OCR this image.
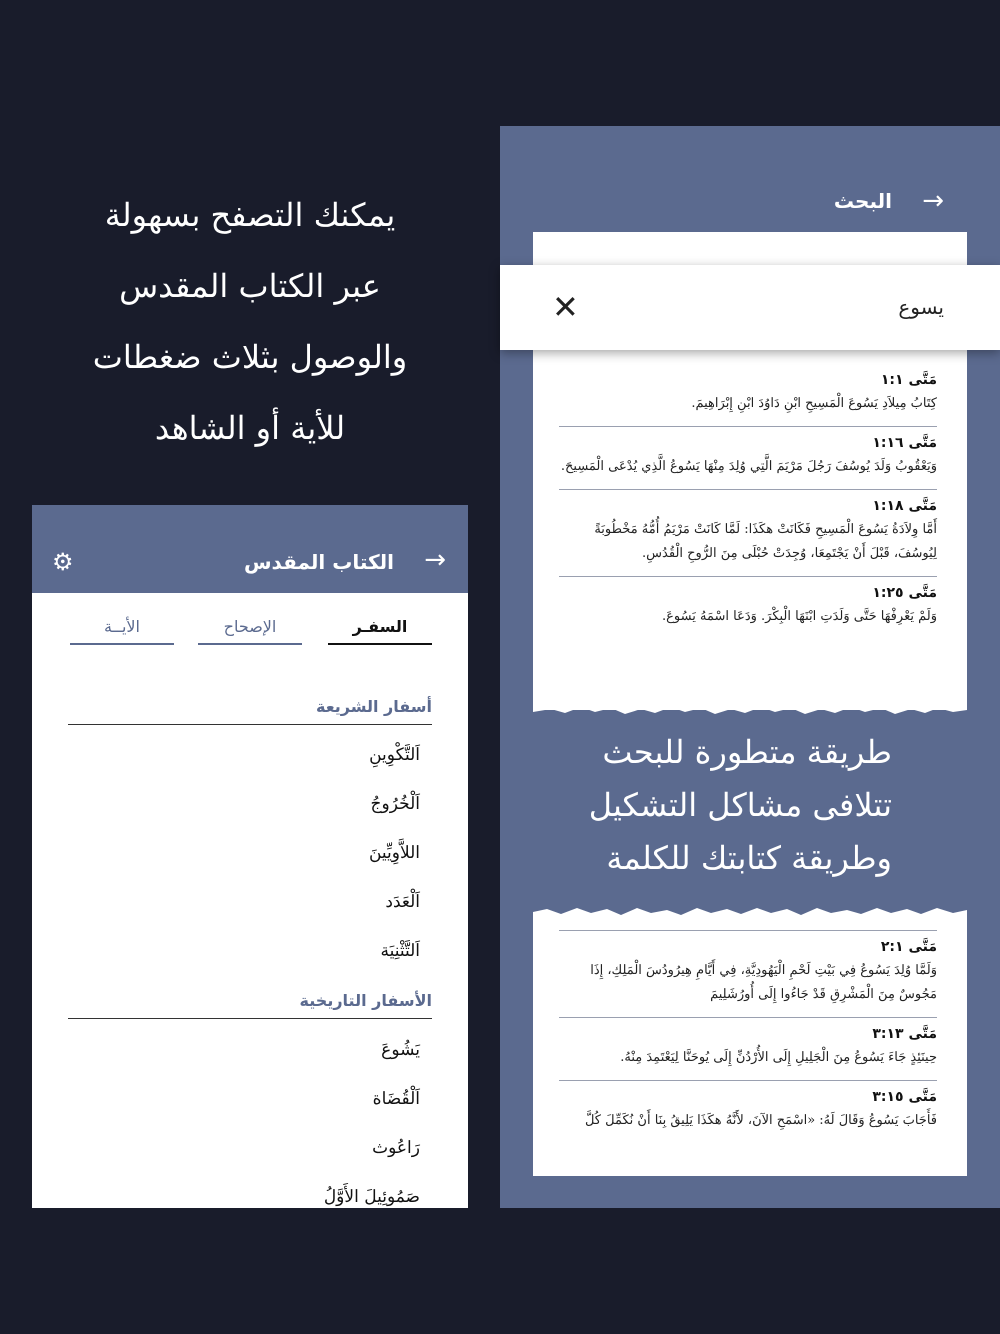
يمكنك التصفح بسهولة
عبر الكتاب المقدس
والوصول بثلاث ضغطات
للأية أو الشاهد
→
البحث
مَتَّى ١:١
كِتَابُ مِيلاَدِ يَسُوعَ الْمَسِيحِ ابْنِ دَاوُدَ ابْنِ إِبْرَاهِيمَ.
مَتَّى ١:١٦
وَيَعْقُوبُ وَلَدَ يُوسُفَ رَجُلَ مَرْيَمَ الَّتِي وُلِدَ مِنْهَا يَسُوعُ الَّذِي يُدْعَى الْمَسِيحَ.
مَتَّى ١:١٨
أَمَّا وِلاَدَةُ يَسُوعَ الْمَسِيحِ فَكَانَتْ هكَذَا: لَمَّا كَانَتْ مَرْيَمُ أُمُّهُ مَخْطُوبَةً لِيُوسُفَ، قَبْلَ أَنْ يَجْتَمِعَا، وُجِدَتْ حُبْلَى مِنَ الرُّوحِ الْقُدُسِ.
مَتَّى ١:٢٥
وَلَمْ يَعْرِفْهَا حَتَّى وَلَدَتِ ابْنَهَا الْبِكْرَ. وَدَعَا اسْمَهُ يَسُوعَ.
مَتَّى ٢:١
وَلَمَّا وُلِدَ يَسُوعُ فِي بَيْتِ لَحْمِ الْيَهُودِيَّةِ، فِي أَيَّامِ هِيرُودُسَ الْمَلِكِ، إِذَا مَجُوسٌ مِنَ الْمَشْرِقِ قَدْ جَاءُوا إِلَى أُورُشَلِيمَ
مَتَّى ٣:١٣
حِينَئِذٍ جَاءَ يَسُوعُ مِنَ الْجَلِيلِ إِلَى الأُرْدُنِّ إِلَى يُوحَنَّا لِيَعْتَمِدَ مِنْهُ.
مَتَّى ٣:١٥
فَأَجَابَ يَسُوعُ وَقَالَ لَهُ: «اسْمَحِ الآنَ، لأَنَّهُ هكَذَا يَلِيقُ بِنَا أَنْ نُكَمِّلَ كُلَّ
يسوع
✕
طريقة متطورة للبحث
تتلافى مشاكل التشكيل
وطريقة كتابتك للكلمة
→
الكتاب المقدس
⚙
السفـر
الإصحاح
الأيــة
أسفار الشريعة
اَلتَّكْوِينِ
اَلْخُرُوجُ
اللاَّوِيِّينَ
اَلْعَدَد
اَلتَّثْنِيَة
الأسفار التاريخية
يَشُوعَ
اَلْقُضَاة
رَاعُوث
صَمُوئِيلَ الأَوَّلُ
